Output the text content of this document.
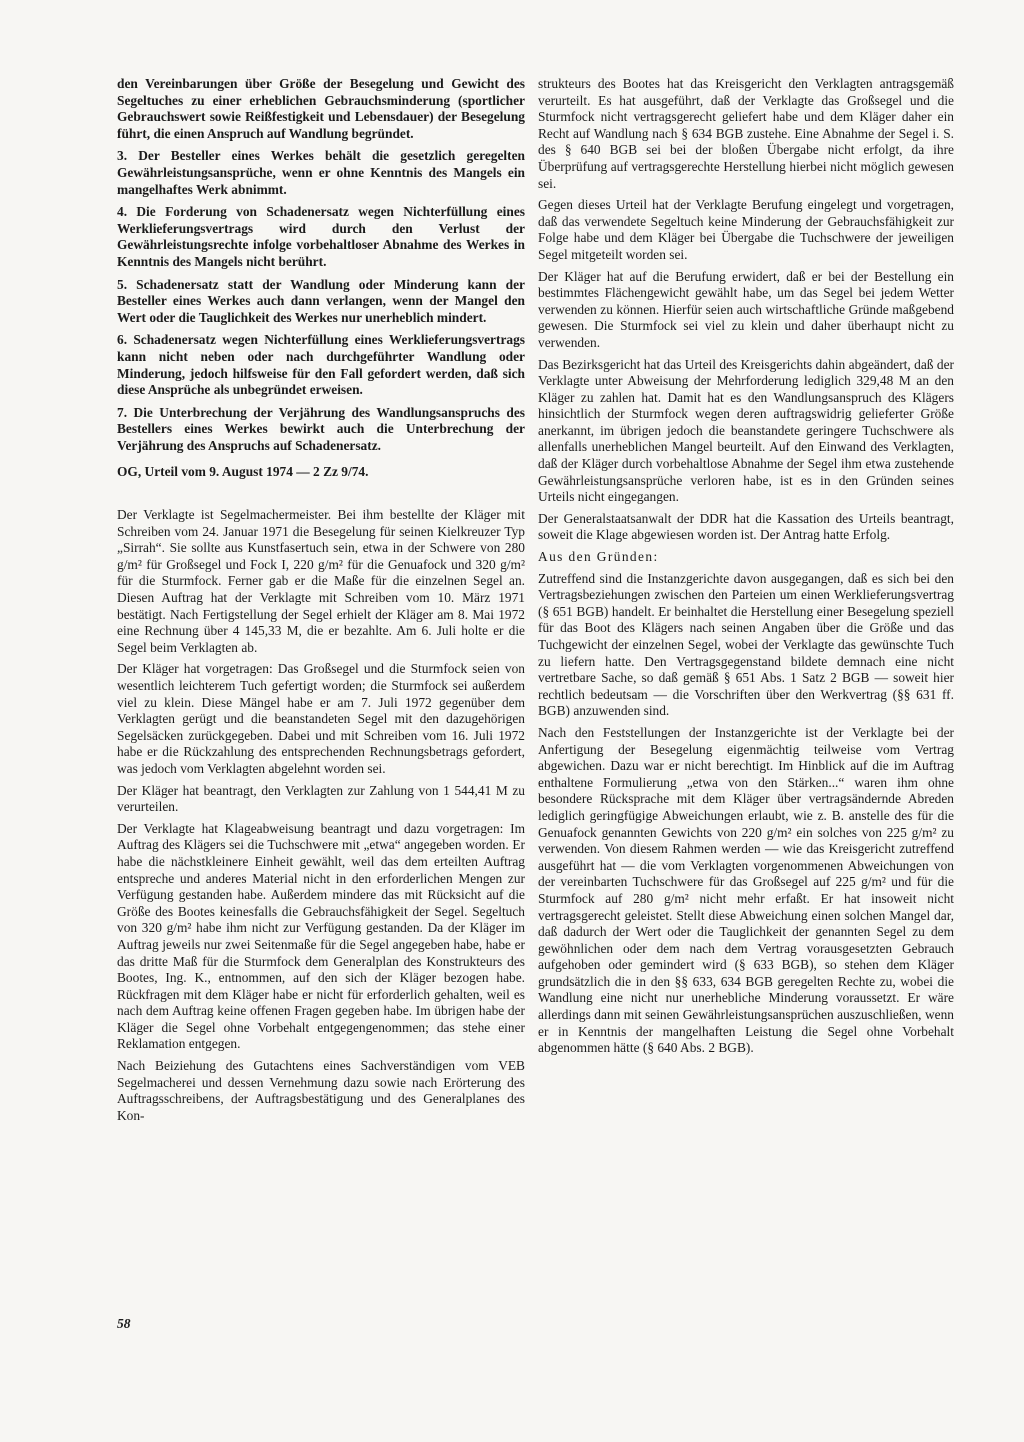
den Vereinbarungen über Größe der Besegelung und Gewicht des Segeltuches zu einer erheblichen Gebrauchsminderung (sportlicher Gebrauchswert sowie Reißfestigkeit und Lebensdauer) der Besegelung führt, die einen Anspruch auf Wandlung begründet.

3. Der Besteller eines Werkes behält die gesetzlich geregelten Gewährleistungsansprüche, wenn er ohne Kenntnis des Mangels ein mangelhaftes Werk abnimmt.

4. Die Forderung von Schadenersatz wegen Nichterfüllung eines Werklieferungsvertrags wird durch den Verlust der Gewährleistungsrechte infolge vorbehaltloser Abnahme des Werkes in Kenntnis des Mangels nicht berührt.

5. Schadenersatz statt der Wandlung oder Minderung kann der Besteller eines Werkes auch dann verlangen, wenn der Mangel den Wert oder die Tauglichkeit des Werkes nur unerheblich mindert.

6. Schadenersatz wegen Nichterfüllung eines Werklieferungsvertrags kann nicht neben oder nach durchgeführter Wandlung oder Minderung, jedoch hilfsweise für den Fall gefordert werden, daß sich diese Ansprüche als unbegründet erweisen.

7. Die Unterbrechung der Verjährung des Wandlungsanspruchs des Bestellers eines Werkes bewirkt auch die Unterbrechung der Verjährung des Anspruchs auf Schadenersatz.

OG, Urteil vom 9. August 1974 — 2 Zz 9/74.

Der Verklagte ist Segelmachermeister. Bei ihm bestellte der Kläger mit Schreiben vom 24. Januar 1971 die Besegelung für seinen Kielkreuzer Typ „Sirrah“. Sie sollte aus Kunstfasertuch sein, etwa in der Schwere von 280 g/m² für Großsegel und Fock I, 220 g/m² für die Genuafock und 320 g/m² für die Sturmfock. Ferner gab er die Maße für die einzelnen Segel an. Diesen Auftrag hat der Verklagte mit Schreiben vom 10. März 1971 bestätigt. Nach Fertigstellung der Segel erhielt der Kläger am 8. Mai 1972 eine Rechnung über 4 145,33 M, die er bezahlte. Am 6. Juli holte er die Segel beim Verklagten ab.

Der Kläger hat vorgetragen: Das Großsegel und die Sturmfock seien von wesentlich leichterem Tuch gefertigt worden; die Sturmfock sei außerdem viel zu klein. Diese Mängel habe er am 7. Juli 1972 gegenüber dem Verklagten gerügt und die beanstandeten Segel mit den dazugehörigen Segelsäcken zurückgegeben. Dabei und mit Schreiben vom 16. Juli 1972 habe er die Rückzahlung des entsprechenden Rechnungsbetrags gefordert, was jedoch vom Verklagten abgelehnt worden sei.

Der Kläger hat beantragt, den Verklagten zur Zahlung von 1 544,41 M zu verurteilen.

Der Verklagte hat Klageabweisung beantragt und dazu vorgetragen: Im Auftrag des Klägers sei die Tuchschwere mit „etwa“ angegeben worden. Er habe die nächstkleinere Einheit gewählt, weil das dem erteilten Auftrag entspreche und anderes Material nicht in den erforderlichen Mengen zur Verfügung gestanden habe. Außerdem mindere das mit Rücksicht auf die Größe des Bootes keinesfalls die Gebrauchsfähigkeit der Segel. Segeltuch von 320 g/m² habe ihm nicht zur Verfügung gestanden. Da der Kläger im Auftrag jeweils nur zwei Seitenmaße für die Segel angegeben habe, habe er das dritte Maß für die Sturmfock dem Generalplan des Konstrukteurs des Bootes, Ing. K., entnommen, auf den sich der Kläger bezogen habe. Rückfragen mit dem Kläger habe er nicht für erforderlich gehalten, weil es nach dem Auftrag keine offenen Fragen gegeben habe. Im übrigen habe der Kläger die Segel ohne Vorbehalt entgegengenommen; das stehe einer Reklamation entgegen.

Nach Beiziehung des Gutachtens eines Sachverständigen vom VEB Segelmacherei und dessen Vernehmung dazu sowie nach Erörterung des Auftragsschreibens, der Auftragsbestätigung und des Generalplanes des Kon-

strukteurs des Bootes hat das Kreisgericht den Verklagten antragsgemäß verurteilt. Es hat ausgeführt, daß der Verklagte das Großsegel und die Sturmfock nicht vertragsgerecht geliefert habe und dem Kläger daher ein Recht auf Wandlung nach § 634 BGB zustehe. Eine Abnahme der Segel i. S. des § 640 BGB sei bei der bloßen Übergabe nicht erfolgt, da ihre Überprüfung auf vertragsgerechte Herstellung hierbei nicht möglich gewesen sei.

Gegen dieses Urteil hat der Verklagte Berufung eingelegt und vorgetragen, daß das verwendete Segeltuch keine Minderung der Gebrauchsfähigkeit zur Folge habe und dem Kläger bei Übergabe die Tuchschwere der jeweiligen Segel mitgeteilt worden sei.

Der Kläger hat auf die Berufung erwidert, daß er bei der Bestellung ein bestimmtes Flächengewicht gewählt habe, um das Segel bei jedem Wetter verwenden zu können. Hierfür seien auch wirtschaftliche Gründe maßgebend gewesen. Die Sturmfock sei viel zu klein und daher überhaupt nicht zu verwenden.

Das Bezirksgericht hat das Urteil des Kreisgerichts dahin abgeändert, daß der Verklagte unter Abweisung der Mehrforderung lediglich 329,48 M an den Kläger zu zahlen hat. Damit hat es den Wandlungsanspruch des Klägers hinsichtlich der Sturmfock wegen deren auftragswidrig gelieferter Größe anerkannt, im übrigen jedoch die beanstandete geringere Tuchschwere als allenfalls unerheblichen Mangel beurteilt. Auf den Einwand des Verklagten, daß der Kläger durch vorbehaltlose Abnahme der Segel ihm etwa zustehende Gewährleistungsansprüche verloren habe, ist es in den Gründen seines Urteils nicht eingegangen.

Der Generalstaatsanwalt der DDR hat die Kassation des Urteils beantragt, soweit die Klage abgewiesen worden ist. Der Antrag hatte Erfolg.

Aus den Gründen:

Zutreffend sind die Instanzgerichte davon ausgegangen, daß es sich bei den Vertragsbeziehungen zwischen den Parteien um einen Werklieferungsvertrag (§ 651 BGB) handelt. Er beinhaltet die Herstellung einer Besegelung speziell für das Boot des Klägers nach seinen Angaben über die Größe und das Tuchgewicht der einzelnen Segel, wobei der Verklagte das gewünschte Tuch zu liefern hatte. Den Vertragsgegenstand bildete demnach eine nicht vertretbare Sache, so daß gemäß § 651 Abs. 1 Satz 2 BGB — soweit hier rechtlich bedeutsam — die Vorschriften über den Werkvertrag (§§ 631 ff. BGB) anzuwenden sind.

Nach den Feststellungen der Instanzgerichte ist der Verklagte bei der Anfertigung der Besegelung eigenmächtig teilweise vom Vertrag abgewichen. Dazu war er nicht berechtigt. Im Hinblick auf die im Auftrag enthaltene Formulierung „etwa von den Stärken...“ waren ihm ohne besondere Rücksprache mit dem Kläger über vertragsändernde Abreden lediglich geringfügige Abweichungen erlaubt, wie z. B. anstelle des für die Genuafock genannten Gewichts von 220 g/m² ein solches von 225 g/m² zu verwenden. Von diesem Rahmen werden — wie das Kreisgericht zutreffend ausgeführt hat — die vom Verklagten vorgenommenen Abweichungen von der vereinbarten Tuchschwere für das Großsegel auf 225 g/m² und für die Sturmfock auf 280 g/m² nicht mehr erfaßt. Er hat insoweit nicht vertragsgerecht geleistet. Stellt diese Abweichung einen solchen Mangel dar, daß dadurch der Wert oder die Tauglichkeit der genannten Segel zu dem gewöhnlichen oder dem nach dem Vertrag vorausgesetzten Gebrauch aufgehoben oder gemindert wird (§ 633 BGB), so stehen dem Kläger grundsätzlich die in den §§ 633, 634 BGB geregelten Rechte zu, wobei die Wandlung eine nicht nur unerhebliche Minderung voraussetzt. Er wäre allerdings dann mit seinen Gewährleistungsansprüchen auszuschließen, wenn er in Kenntnis der mangelhaften Leistung die Segel ohne Vorbehalt abgenommen hätte (§ 640 Abs. 2 BGB).

58
